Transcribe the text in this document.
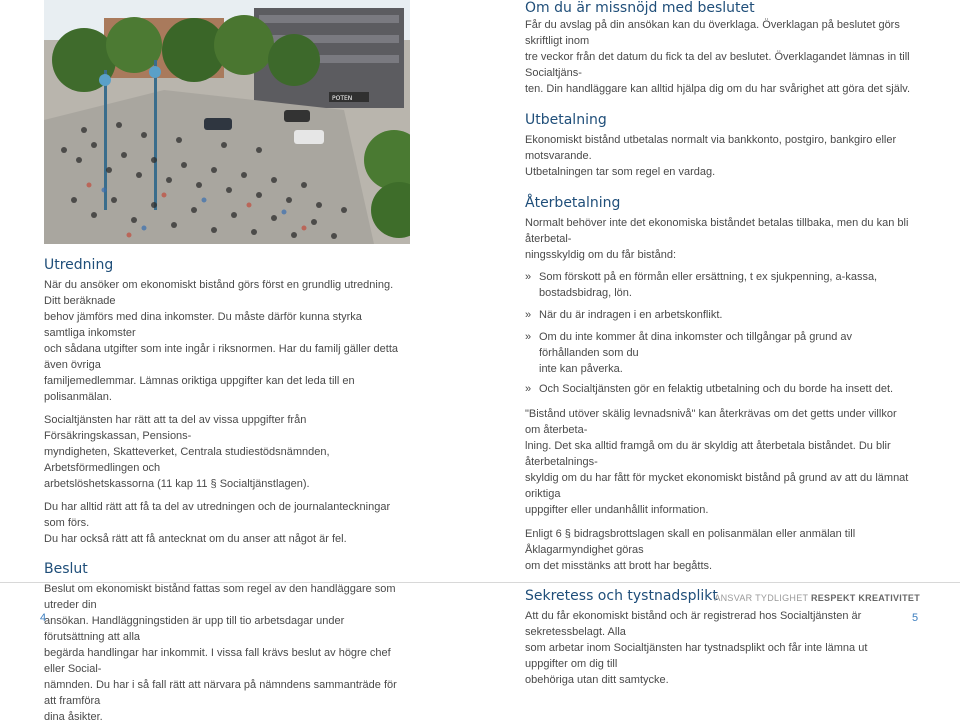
POTEN
Utredning

När du ansöker om ekonomiskt bistånd görs först en grundlig utredning. Ditt beräknade
behov jämförs med dina inkomster. Du måste därför kunna styrka samtliga inkomster
och sådana utgifter som inte ingår i riksnormen. Har du familj gäller detta även övriga
familjemedlemmar. Lämnas oriktiga uppgifter kan det leda till en polisanmälan.

Socialtjänsten har rätt att ta del av vissa uppgifter från Försäkringskassan, Pensions-
myndigheten, Skatteverket, Centrala studiestödsnämnden, Arbetsförmedlingen och
arbetslöshetskassorna (11 kap 11 § Socialtjänstlagen).

Du har alltid rätt att få ta del av utredningen och de journalanteckningar som förs.
Du har också rätt att få antecknat om du anser att något är fel.

Beslut

Beslut om ekonomiskt bistånd fattas som regel av den handläggare som utreder din
ansökan. Handläggningstiden är upp till tio arbetsdagar under förutsättning att alla
begärda handlingar har inkommit. I vissa fall krävs beslut av högre chef eller Social-
nämnden. Du har i så fall rätt att närvara på nämndens sammanträde för att framföra
dina åsikter.

Om du är missnöjd med beslutet

Får du avslag på din ansökan kan du överklaga. Överklagan på beslutet görs skriftligt inom
tre veckor från det datum du fick ta del av beslutet. Överklagandet lämnas in till Socialtjäns-
ten. Din handläggare kan alltid hjälpa dig om du har svårighet att göra det själv.

Utbetalning

Ekonomiskt bistånd utbetalas normalt via bankkonto, postgiro, bankgiro eller motsvarande.
Utbetalningen tar som regel en vardag.

Återbetalning

Normalt behöver inte det ekonomiska biståndet betalas tillbaka, men du kan bli återbetal-
ningsskyldig om du får bistånd:

» Som förskott på en förmån eller ersättning, t ex sjukpenning, a-kassa, bostadsbidrag, lön.

» När du är indragen i en arbetskonflikt.

» Om du inte kommer åt dina inkomster och tillgångar på grund av förhållanden som du
inte kan påverka.

» Och Socialtjänsten gör en felaktig utbetalning och du borde ha insett det.

"Bistånd utöver skälig levnadsnivå" kan återkrävas om det getts under villkor om återbeta-
lning. Det ska alltid framgå om du är skyldig att återbetala biståndet. Du blir återbetalnings-
skyldig om du har fått för mycket ekonomiskt bistånd på grund av att du lämnat oriktiga
uppgifter eller undanhållit information.

Enligt 6 § bidragsbrottslagen skall en polisanmälan eller anmälan till Åklagarmyndighet göras
om det misstänks att brott har begåtts.

Sekretess och tystnadsplikt

Att du får ekonomiskt bistånd och är registrerad hos Socialtjänsten är sekretessbelagt. Alla
som arbetar inom Socialtjänsten har tystnadsplikt och får inte lämna ut uppgifter om dig till
obehöriga utan ditt samtycke.

ANSVAR TYDLIGHET RESPEKT KREATIVITET
4	5
